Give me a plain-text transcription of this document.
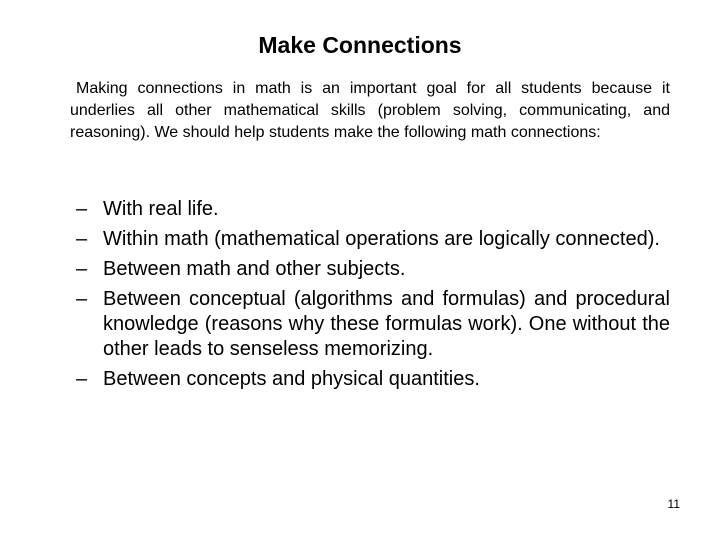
Make Connections

Making connections in math is an important goal for all students because it underlies all other mathematical skills (problem solving, communicating, and reasoning). We should help students make the following math connections:

– With real life.
– Within math (mathematical operations are logically connected).
– Between math and other subjects.
– Between conceptual (algorithms and formulas) and procedural knowledge (reasons why these formulas work). One without the other leads to senseless memorizing.
– Between concepts and physical quantities.
11
